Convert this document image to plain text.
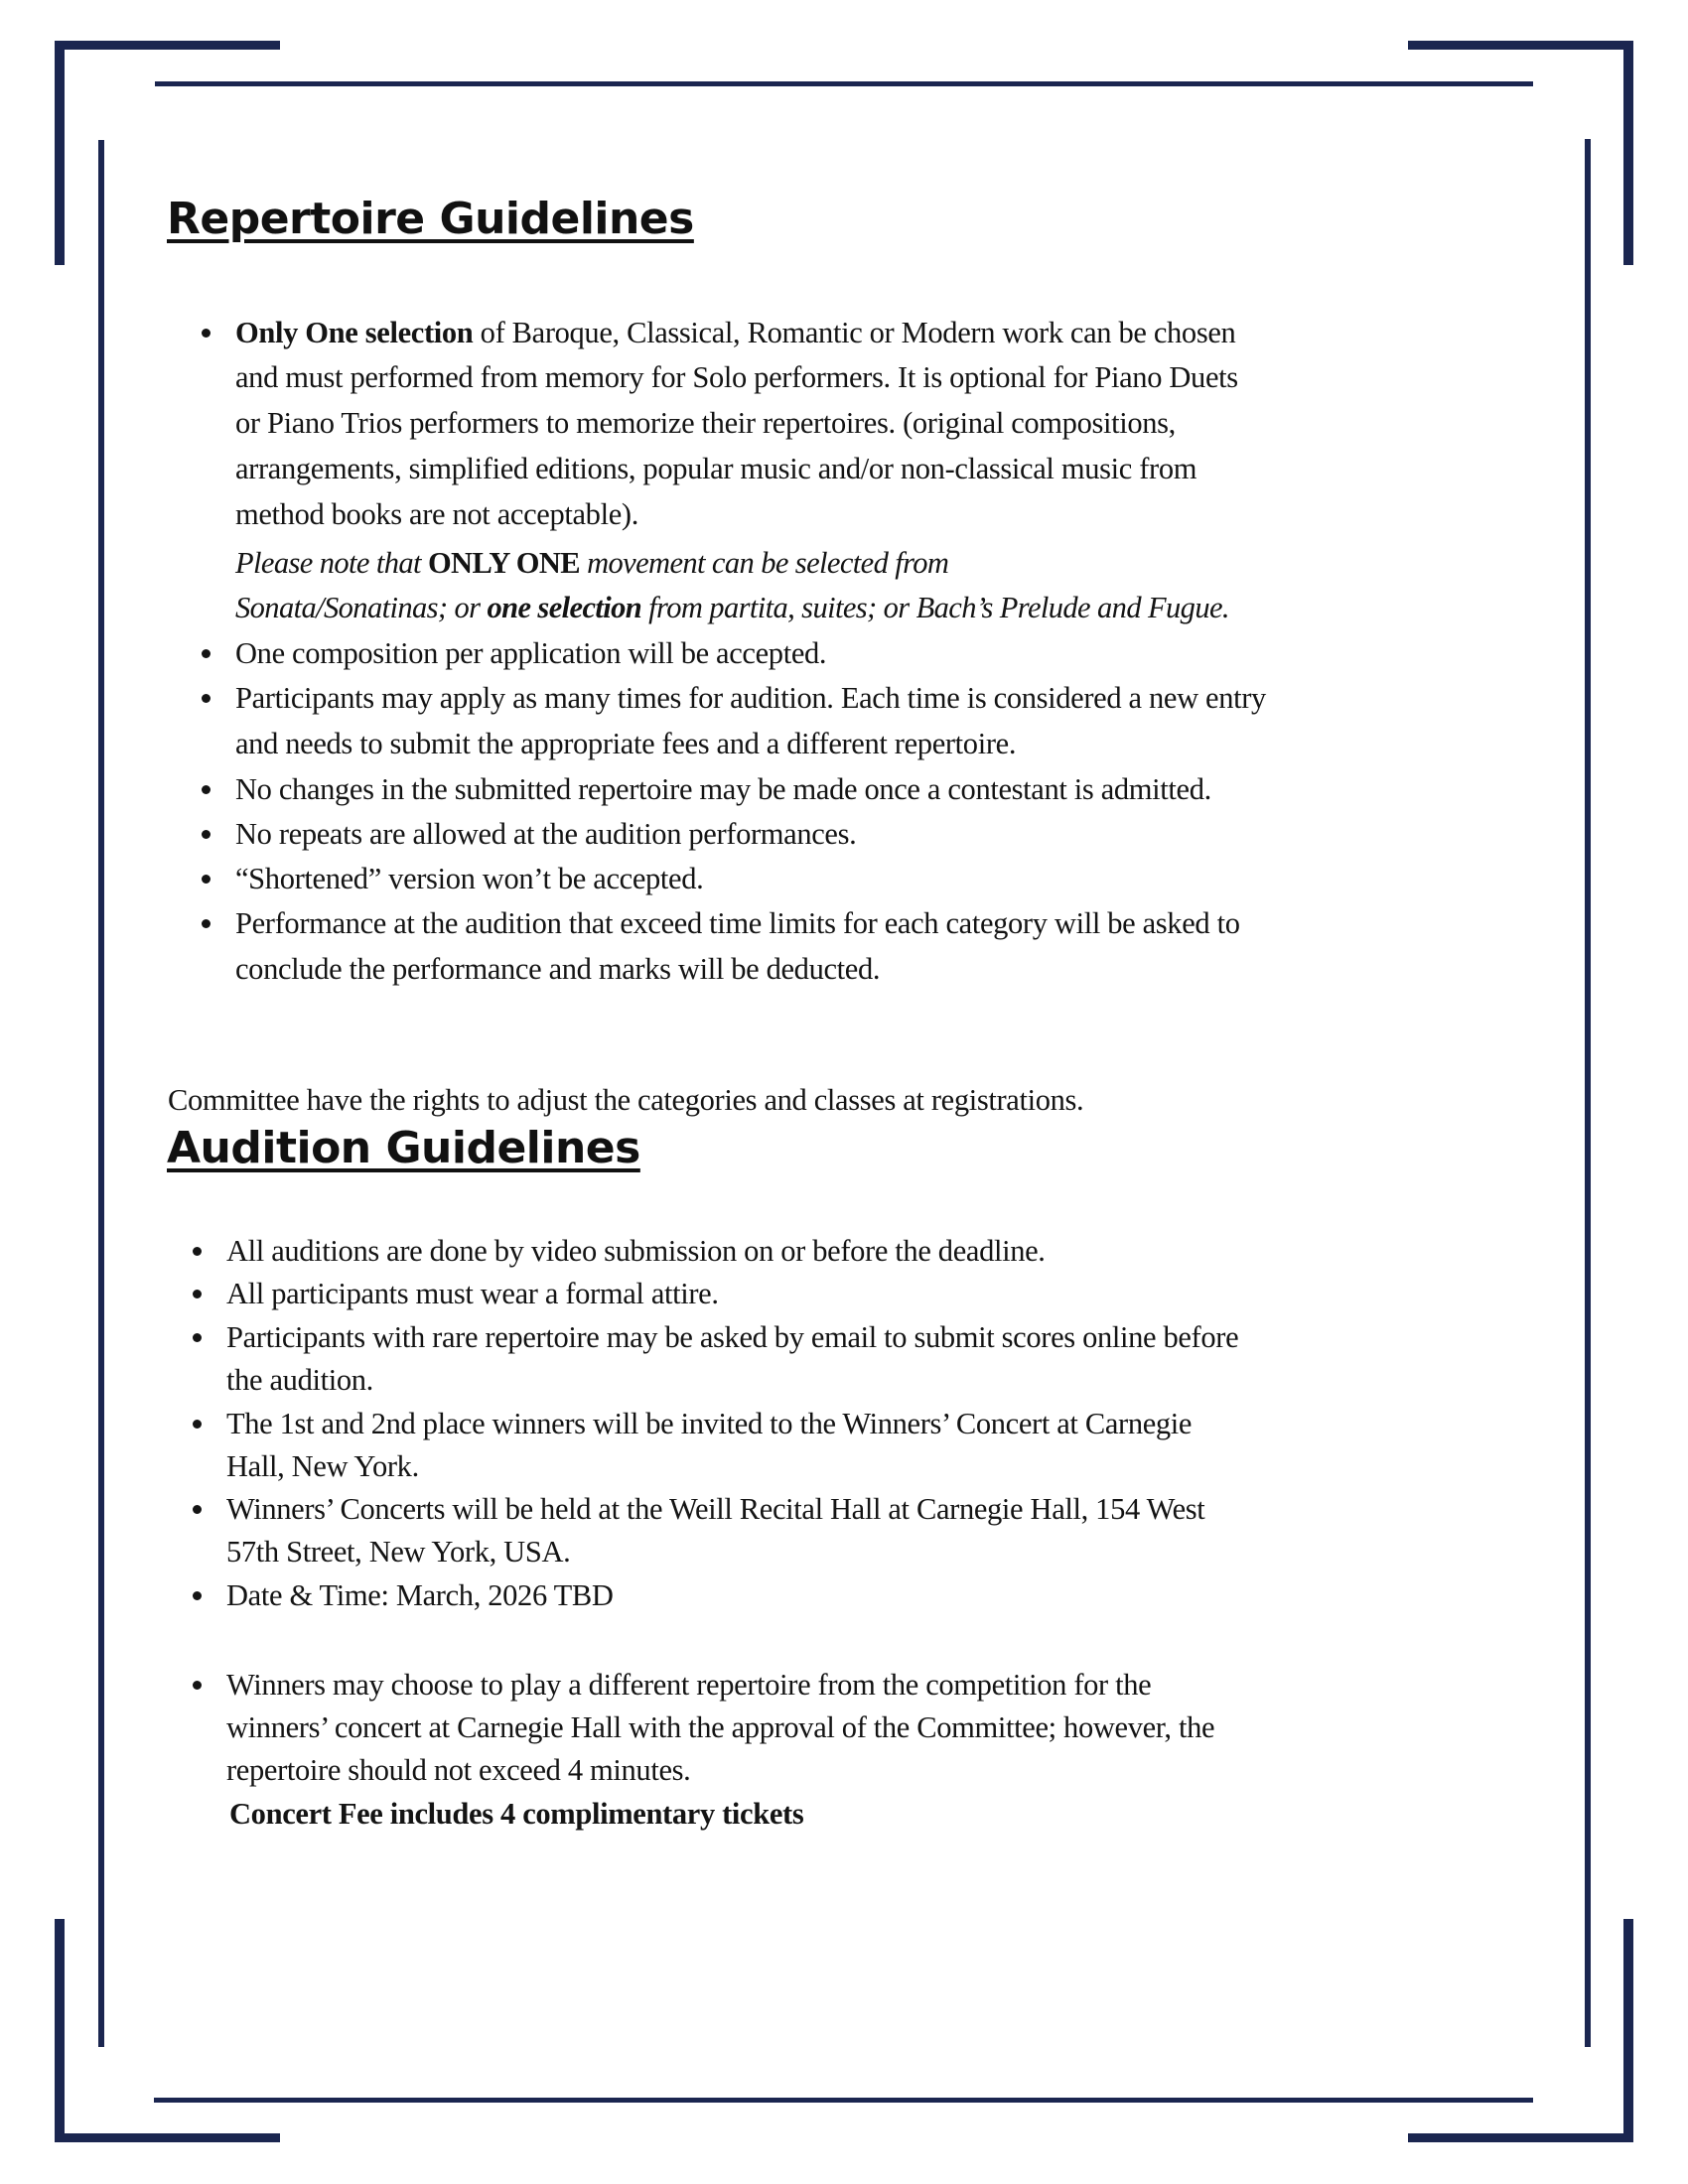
Repertoire Guidelines
Only One selection of Baroque, Classical, Romantic or Modern work can be chosen
and must performed from memory for Solo performers. It is optional for Piano Duets
or Piano Trios performers to memorize their repertoires. (original compositions,
arrangements, simplified editions, popular music and/or non-classical music from
method books are not acceptable).
Please note that ONLY ONE movement can be selected from
Sonata/Sonatinas; or one selection from partita, suites; or Bach’s Prelude and Fugue.
One composition per application will be accepted.
Participants may apply as many times for audition. Each time is considered a new entry
and needs to submit the appropriate fees and a different repertoire.
No changes in the submitted repertoire may be made once a contestant is admitted.
No repeats are allowed at the audition performances.
“Shortened” version won’t be accepted.
Performance at the audition that exceed time limits for each category will be asked to
conclude the performance and marks will be deducted.
Committee have the rights to adjust the categories and classes at registrations.
Audition Guidelines
All auditions are done by video submission on or before the deadline.
All participants must wear a formal attire.
Participants with rare repertoire may be asked by email to submit scores online before
the audition.
The 1st and 2nd place winners will be invited to the Winners’ Concert at Carnegie
Hall, New York.
Winners’ Concerts will be held at the Weill Recital Hall at Carnegie Hall, 154 West
57th Street, New York, USA.
Date & Time: March, 2026 TBD
Winners may choose to play a different repertoire from the competition for the
winners’ concert at Carnegie Hall with the approval of the Committee; however, the
repertoire should not exceed 4 minutes.
Concert Fee includes 4 complimentary tickets
